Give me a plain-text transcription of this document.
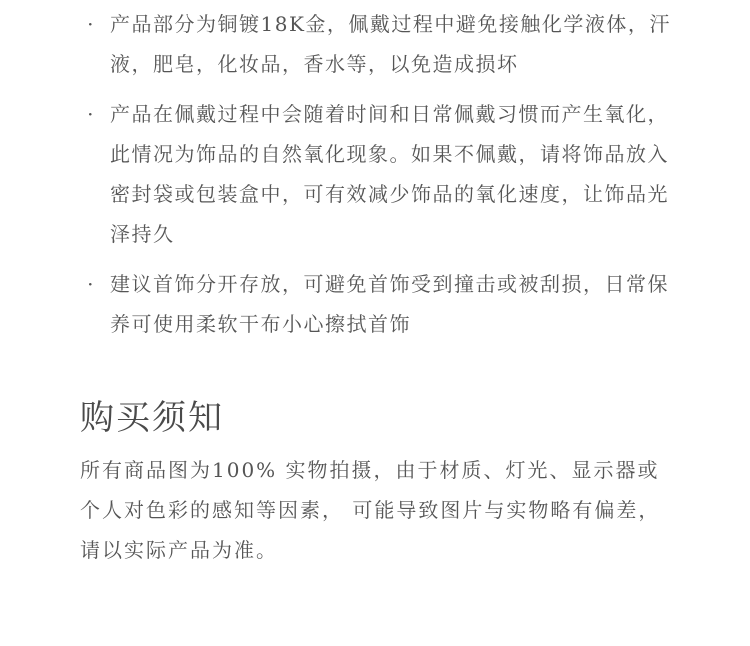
· 产品部分为铜镀18K金，佩戴过程中避免接触化学液体，汗液，肥皂，化妆品，香水等，以免造成损坏
· 产品在佩戴过程中会随着时间和日常佩戴习惯而产生氧化，此情况为饰品的自然氧化现象。如果不佩戴，请将饰品放入密封袋或包装盒中，可有效减少饰品的氧化速度，让饰品光泽持久
· 建议首饰分开存放，可避免首饰受到撞击或被刮损，日常保养可使用柔软干布小心擦拭首饰
购买须知

所有商品图为100% 实物拍摄，由于材质、灯光、显示器或个人对色彩的感知等因素， 可能导致图片与实物略有偏差，请以实际产品为准。
